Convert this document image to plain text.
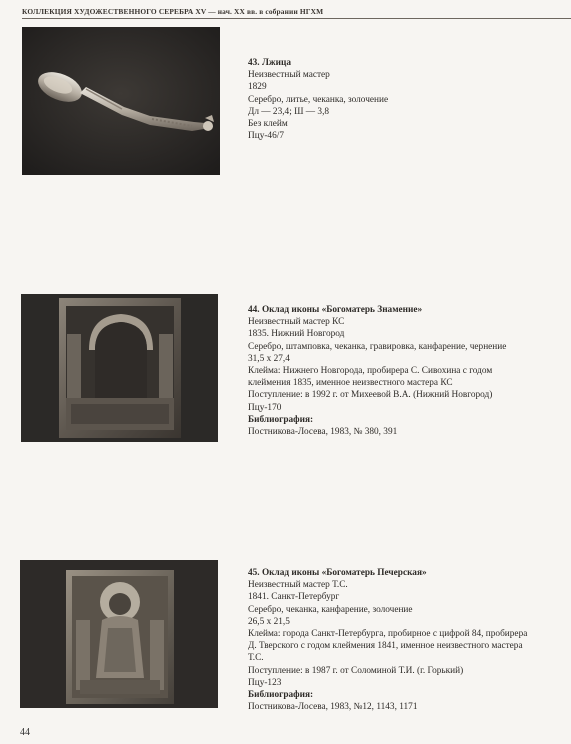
КОЛЛЕКЦИЯ ХУДОЖЕСТВЕННОГО СЕРЕБРА XV — нач. XX вв. в собрании НГХМ
43. Лжица
Неизвестный мастер
1829
Серебро, литье, чеканка, золочение
Дл — 23,4; Ш — 3,8
Без клейм
Пцу-46/7
44. Оклад иконы «Богоматерь Знамение»
Неизвестный мастер КС
1835. Нижний Новгород
Серебро, штамповка, чеканка, гравировка, канфарение, чернение
31,5 х 27,4
Клейма: Нижнего Новгорода, пробирера С. Сивохина с годом
клеймения 1835, именное неизвестного мастера КС
Поступление: в 1992 г. от Михеевой В.А. (Нижний Новгород)
Пцу-170
Библиография:
Постникова-Лосева, 1983, № 380, 391
45. Оклад иконы «Богоматерь Печерская»
Неизвестный мастер Т.С.
1841. Санкт-Петербург
Серебро, чеканка, канфарение, золочение
26,5 х 21,5
Клейма: города Санкт-Петербурга, пробирное с цифрой 84, пробирера
Д. Тверского с годом клеймения 1841, именное неизвестного мастера
Т.С.
Поступление: в 1987 г. от Соломиной Т.И. (г. Горький)
Пцу-123
Библиография:
Постникова-Лосева, 1983, №12, 1143, 1171
44
